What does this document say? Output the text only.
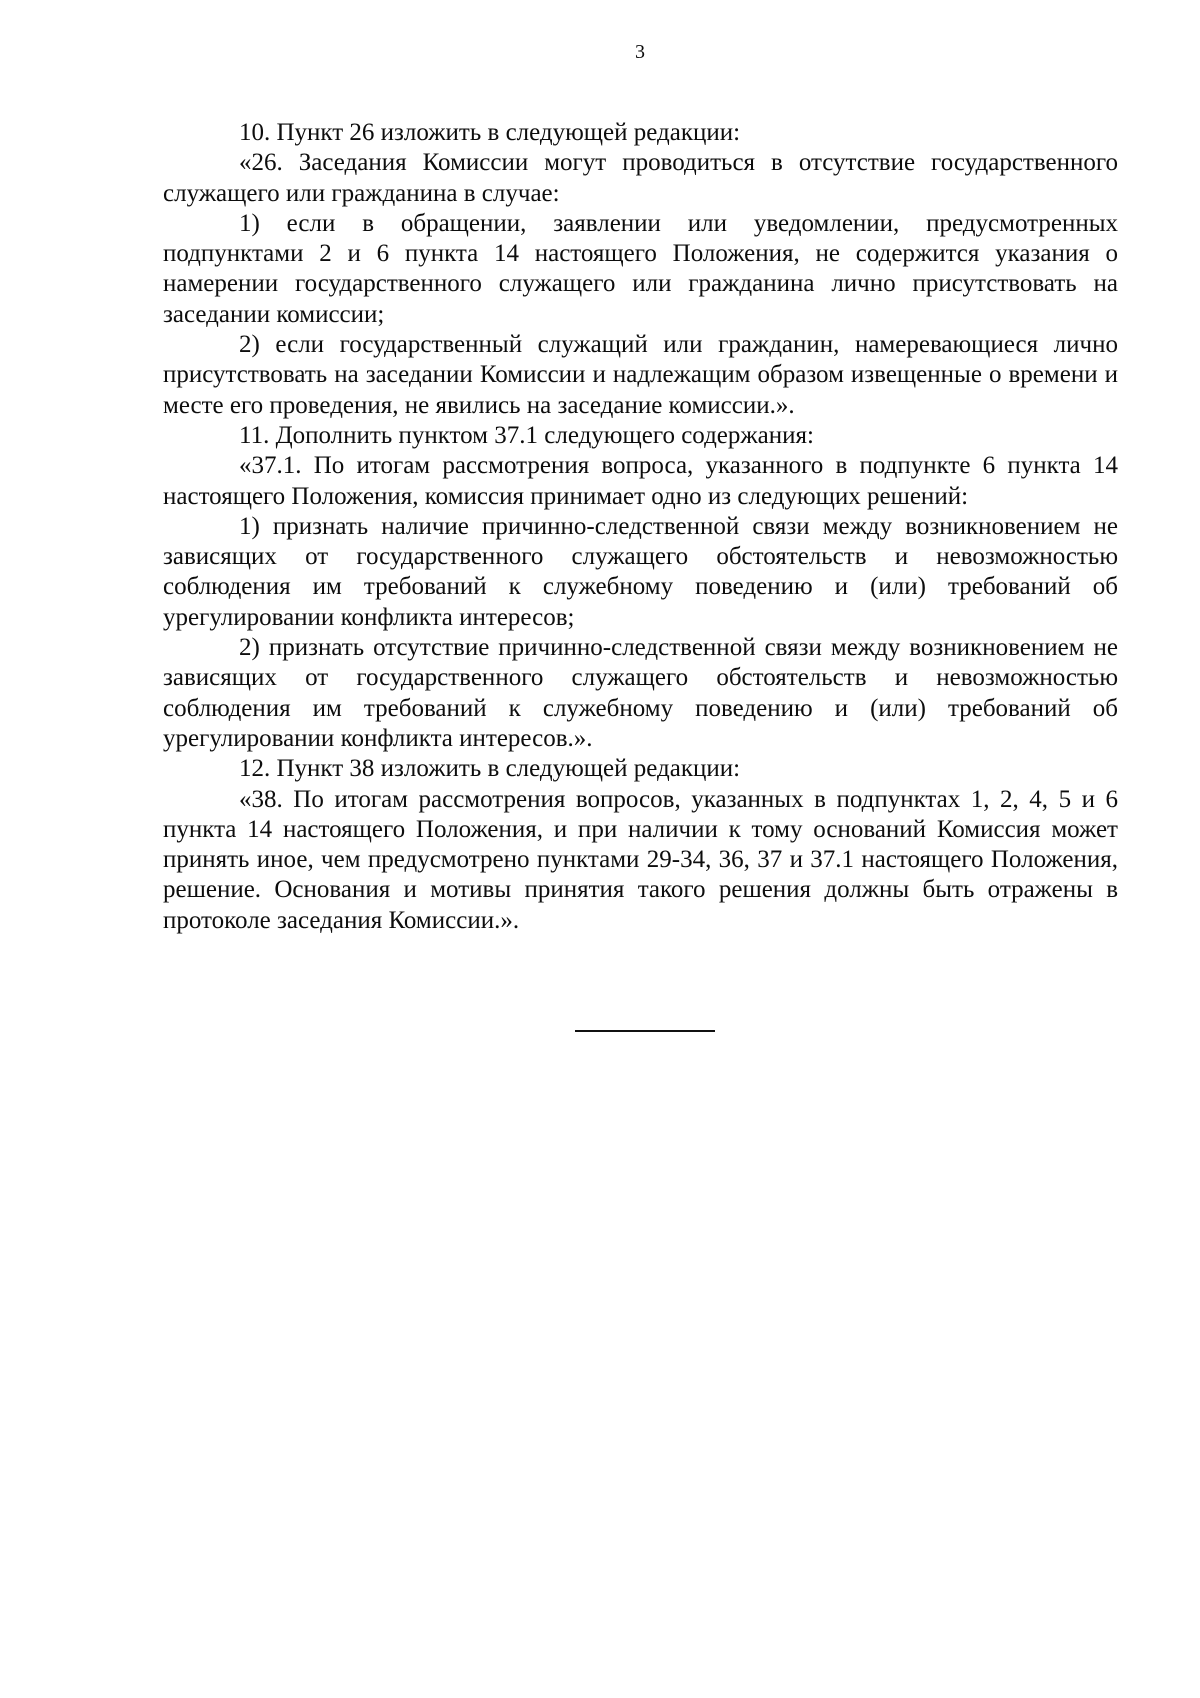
3

10. Пункт 26 изложить в следующей редакции:

«26. Заседания Комиссии могут проводиться в отсутствие государственного служащего или гражданина в случае:

1) если в обращении, заявлении или уведомлении, предусмотренных подпунктами 2 и 6 пункта 14 настоящего Положения, не содержится указания о намерении государственного служащего или гражданина лично присутствовать на заседании комиссии;

2) если государственный служащий или гражданин, намеревающиеся лично присутствовать на заседании Комиссии и надлежащим образом извещенные о времени и месте его проведения, не явились на заседание комиссии.».

11. Дополнить пунктом 37.1 следующего содержания:

«37.1. По итогам рассмотрения вопроса, указанного в подпункте 6 пункта 14 настоящего Положения, комиссия принимает одно из следующих решений:

1) признать наличие причинно-следственной связи между возникновением не зависящих от государственного служащего обстоятельств и невозможностью соблюдения им требований к служебному поведению и (или) требований об урегулировании конфликта интересов;

2) признать отсутствие причинно-следственной связи между возникновением не зависящих от государственного служащего обстоятельств и невозможностью соблюдения им требований к служебному поведению и (или) требований об урегулировании конфликта интересов.».

12. Пункт 38 изложить в следующей редакции:

«38. По итогам рассмотрения вопросов, указанных в подпунктах 1, 2, 4, 5 и 6 пункта 14 настоящего Положения, и при наличии к тому оснований Комиссия может принять иное, чем предусмотрено пунктами 29-34, 36, 37 и 37.1 настоящего Положения, решение. Основания и мотивы принятия такого решения должны быть отражены в протоколе заседания Комиссии.».
